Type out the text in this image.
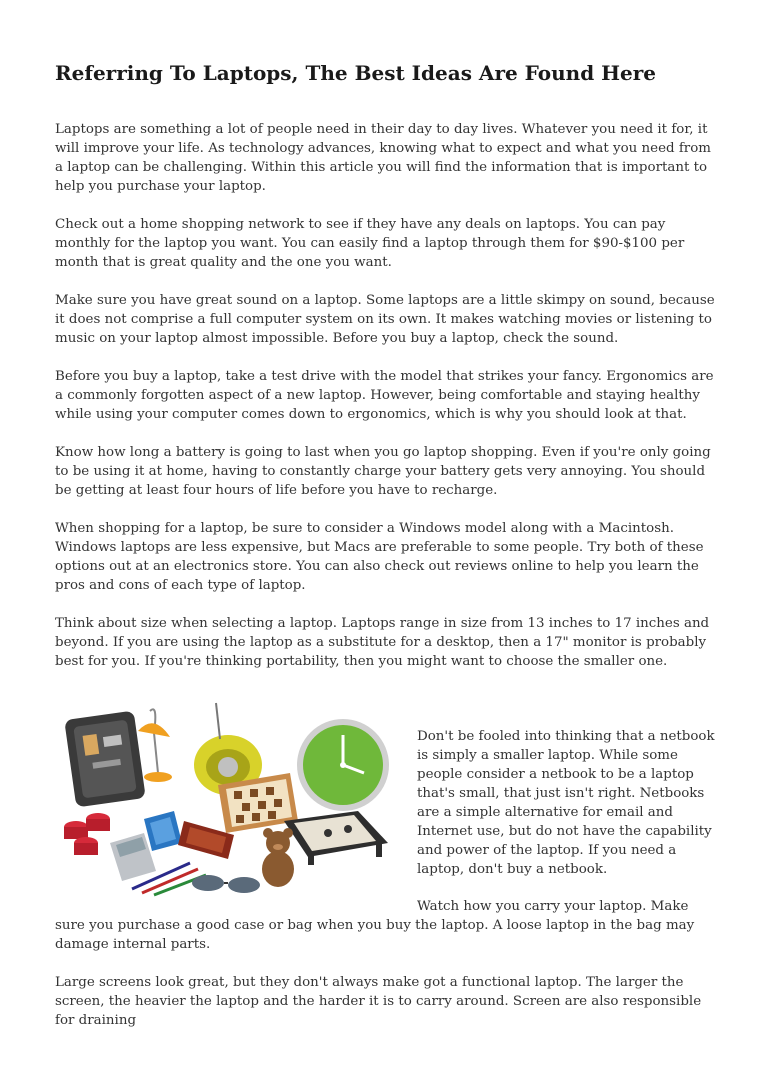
Referring To Laptops, The Best Ideas Are Found Here

Laptops are something a lot of people need in their day to day lives. Whatever you need it for, it will improve your life. As technology advances, knowing what to expect and what you need from a laptop can be challenging. Within this article you will find the information that is important to help you purchase your laptop.

Check out a home shopping network to see if they have any deals on laptops. You can pay monthly for the laptop you want. You can easily find a laptop through them for $90-$100 per month that is great quality and the one you want.

Make sure you have great sound on a laptop. Some laptops are a little skimpy on sound, because it does not comprise a full computer system on its own. It makes watching movies or listening to music on your laptop almost impossible. Before you buy a laptop, check the sound.

Before you buy a laptop, take a test drive with the model that strikes your fancy. Ergonomics are a commonly forgotten aspect of a new laptop. However, being comfortable and staying healthy while using your computer comes down to ergonomics, which is why you should look at that.

Know how long a battery is going to last when you go laptop shopping. Even if you're only going to be using it at home, having to constantly charge your battery gets very annoying. You should be getting at least four hours of life before you have to recharge.

When shopping for a laptop, be sure to consider a Windows model along with a Macintosh. Windows laptops are less expensive, but Macs are preferable to some people. Try both of these options out at an electronics store. You can also check out reviews online to help you learn the pros and cons of each type of laptop.

Think about size when selecting a laptop. Laptops range in size from 13 inches to 17 inches and beyond. If you are using the laptop as a substitute for a desktop, then a 17" monitor is probably best for you. If you're thinking portability, then you might want to choose the smaller one.

Don't be fooled into thinking that a netbook is simply a smaller laptop. While some people consider a netbook to be a laptop that's small, that just isn't right. Netbooks are a simple alternative for email and Internet use, but do not have the capability and power of the laptop. If you need a laptop, don't buy a netbook.

Watch how you carry your laptop. Make sure you purchase a good case or bag when you buy the laptop. A loose laptop in the bag may damage internal parts.

Large screens look great, but they don't always make got a functional laptop. The larger the screen, the heavier the laptop and the harder it is to carry around. Screen are also responsible for draining
